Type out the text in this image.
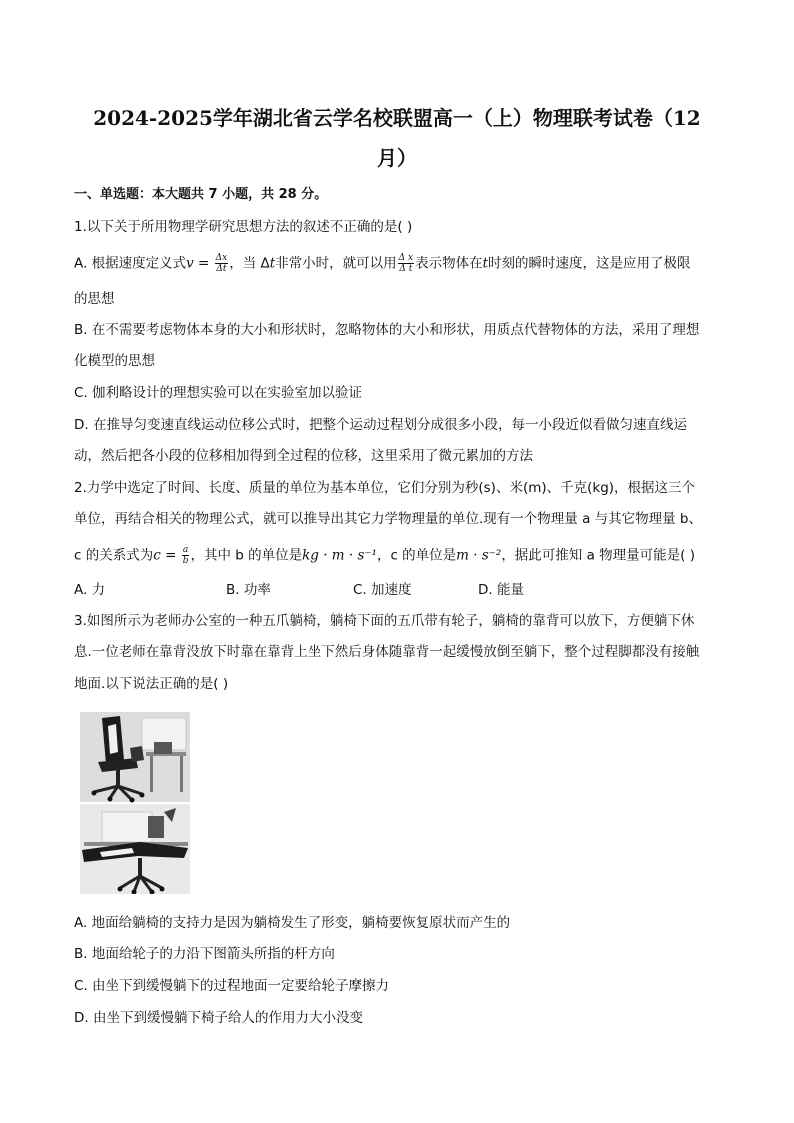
2024-2025学年湖北省云学名校联盟高一（上）物理联考试卷（12
月）
一、单选题：本大题共 7 小题，共 28 分。
1.以下关于所用物理学研究思想方法的叙述不正确的是( )
A. 根据速度定义式$v = \frac{\Delta x}{\Delta t}$ ，当 Δt非常小时，就可以用 $\frac{\text{Δ x}}{\text{Δ t}}$ 表示物体在t时刻的瞬时速度，这是应用了极限
的思想
B. 在不需要考虑物体本身的大小和形状时，忽略物体的大小和形状，用质点代替物体的方法，采用了理想
化模型的思想
C. 伽利略设计的理想实验可以在实验室加以验证
D. 在推导匀变速直线运动位移公式时，把整个运动过程划分成很多小段，每一小段近似看做匀速直线运
动，然后把各小段的位移相加得到全过程的位移，这里采用了微元累加的方法
2.力学中选定了时间、长度、质量的单位为基本单位，它们分别为秒(s)、米(m)、千克(kg)，根据这三个
单位，再结合相关的物理公式，就可以推导出其它力学物理量的单位.现有一个物理量 a 与其它物理量 b、
c 的关系式为$c = \frac{a}{b}$ ，其中 b 的单位是kg · m · s⁻¹，c 的单位是m · s⁻²，据此可推知 a 物理量可能是( )
A. 力	B. 功率	C. 加速度	D. 能量
3.如图所示为老师办公室的一种五爪躺椅，躺椅下面的五爪带有轮子，躺椅的靠背可以放下，方便躺下休
息.一位老师在靠背没放下时靠在靠背上坐下然后身体随靠背一起缓慢放倒至躺下，整个过程脚都没有接触
地面.以下说法正确的是( )
A. 地面给躺椅的支持力是因为躺椅发生了形变，躺椅要恢复原状而产生的
B. 地面给轮子的力沿下图箭头所指的杆方向
C. 由坐下到缓慢躺下的过程地面一定要给轮子摩擦力
D. 由坐下到缓慢躺下椅子给人的作用力大小没变
